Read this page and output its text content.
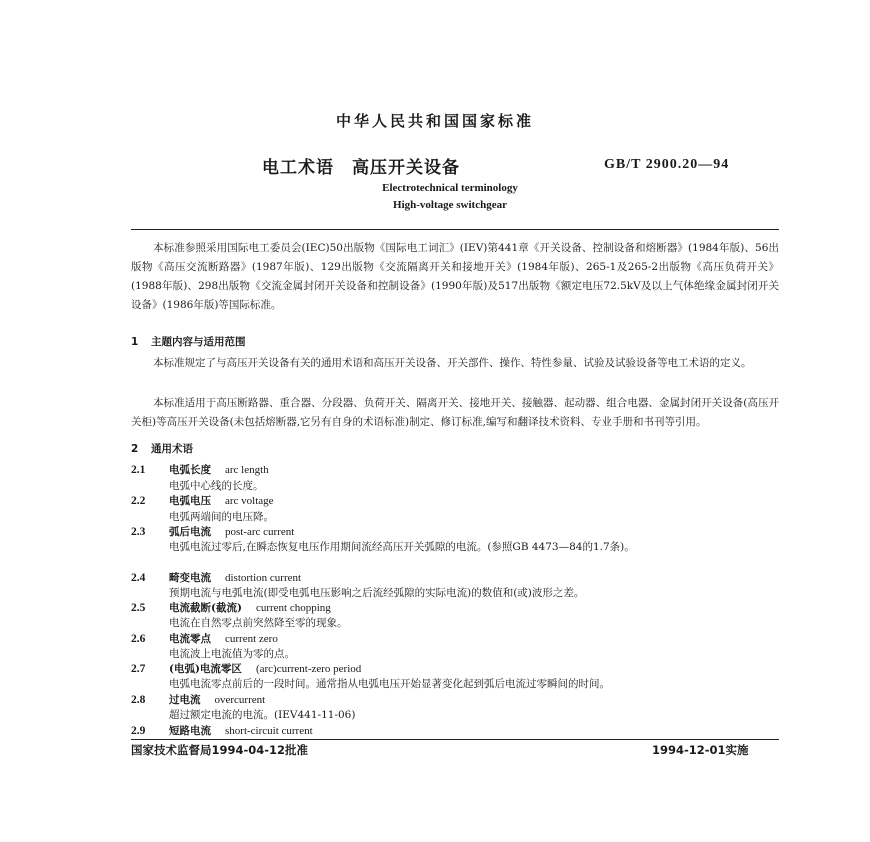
中华人民共和国国家标准
电工术语　高压开关设备	GB/T 2900.20—94
Electrotechnical terminology
High-voltage switchgear
本标准参照采用国际电工委员会(IEC)50出版物《国际电工词汇》(IEV)第441章《开关设备、控制设备和熔断器》(1984年版)、56出版物《高压交流断路器》(1987年版)、129出版物《交流隔离开关和接地开关》(1984年版)、265-1及265-2出版物《高压负荷开关》(1988年版)、298出版物《交流金属封闭开关设备和控制设备》(1990年版)及517出版物《额定电压72.5kV及以上气体绝缘金属封闭开关设备》(1986年版)等国际标准。
1 主题内容与适用范围
本标准规定了与高压开关设备有关的通用术语和高压开关设备、开关部件、操作、特性参量、试验及试验设备等电工术语的定义。
本标准适用于高压断路器、重合器、分段器、负荷开关、隔离开关、接地开关、接触器、起动器、组合电器、金属封闭开关设备(高压开关柜)等高压开关设备(未包括熔断器,它另有自身的术语标准)制定、修订标准,编写和翻译技术资料、专业手册和书刊等引用。
2 通用术语
2.1 电弧长度 arc length
电弧中心线的长度。
2.2 电弧电压 arc voltage
电弧两端间的电压降。
2.3 弧后电流 post-arc current
电弧电流过零后,在瞬态恢复电压作用期间流经高压开关弧隙的电流。(参照GB 4473—84的1.7条)。
2.4 畸变电流 distortion current
预期电流与电弧电流(即受电弧电压影响之后流经弧隙的实际电流)的数值和(或)波形之差。
2.5 电流截断(截流) current chopping
电流在自然零点前突然降至零的现象。
2.6 电流零点 current zero
电流波上电流值为零的点。
2.7 (电弧)电流零区 (arc)current-zero period
电弧电流零点前后的一段时间。通常指从电弧电压开始显著变化起到弧后电流过零瞬间的时间。
2.8 过电流 overcurrent
超过额定电流的电流。(IEV441-11-06)
2.9 短路电流 short-circuit current
国家技术监督局1994-04-12批准	1994-12-01实施
